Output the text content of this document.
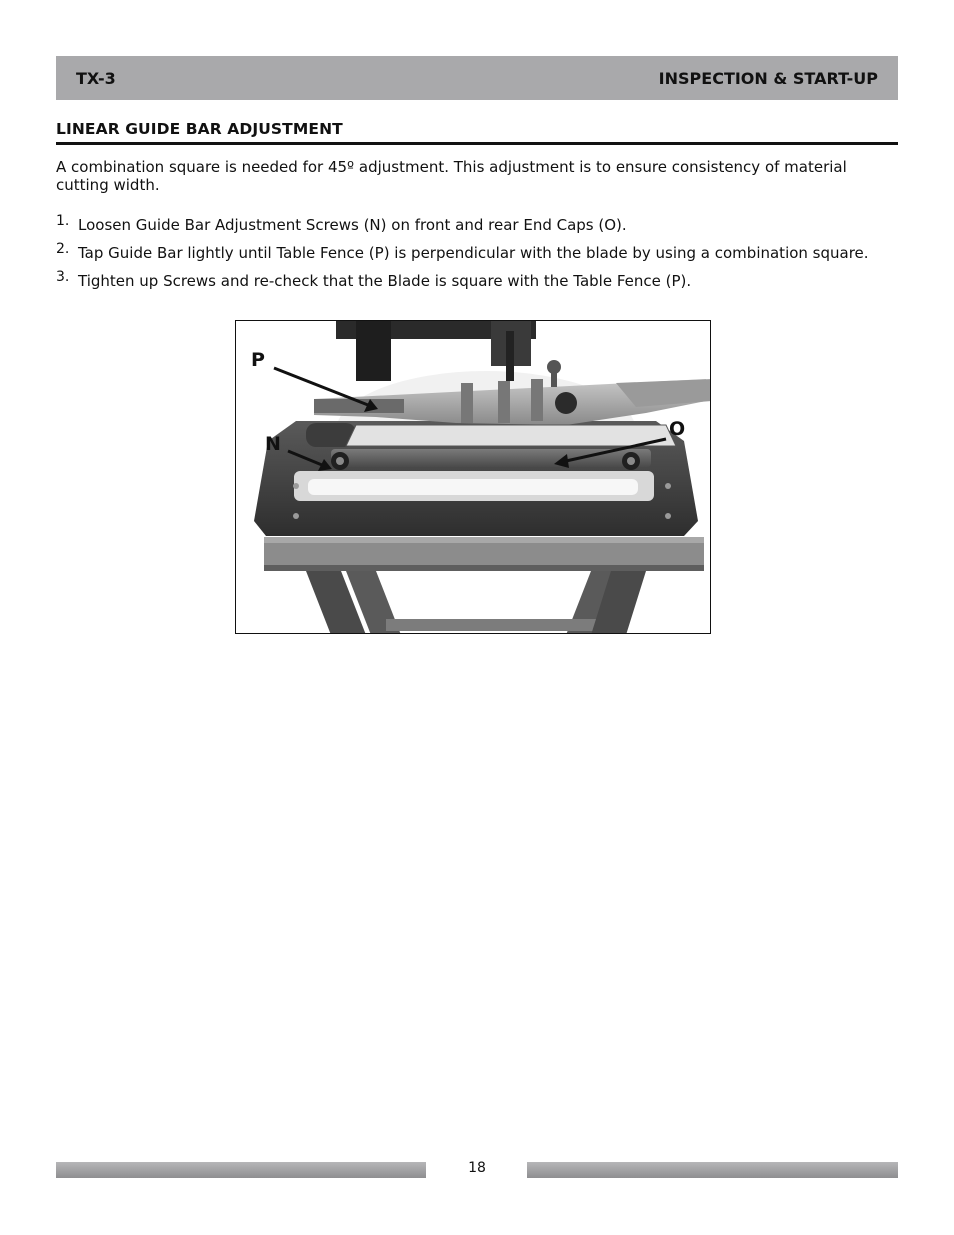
TX-3	INSPECTION & START-UP
LINEAR GUIDE BAR ADJUSTMENT
A combination square is needed for 45º adjustment. This adjustment is to ensure consistency of material cutting width.
1. Loosen Guide Bar Adjustment Screws (N) on front and rear End Caps (O).
2. Tap Guide Bar lightly until Table Fence (P) is perpendicular with the blade by using a combination square.
3. Tighten up Screws and re-check that the Blade is square with the Table Fence (P).
P
N
O
18
